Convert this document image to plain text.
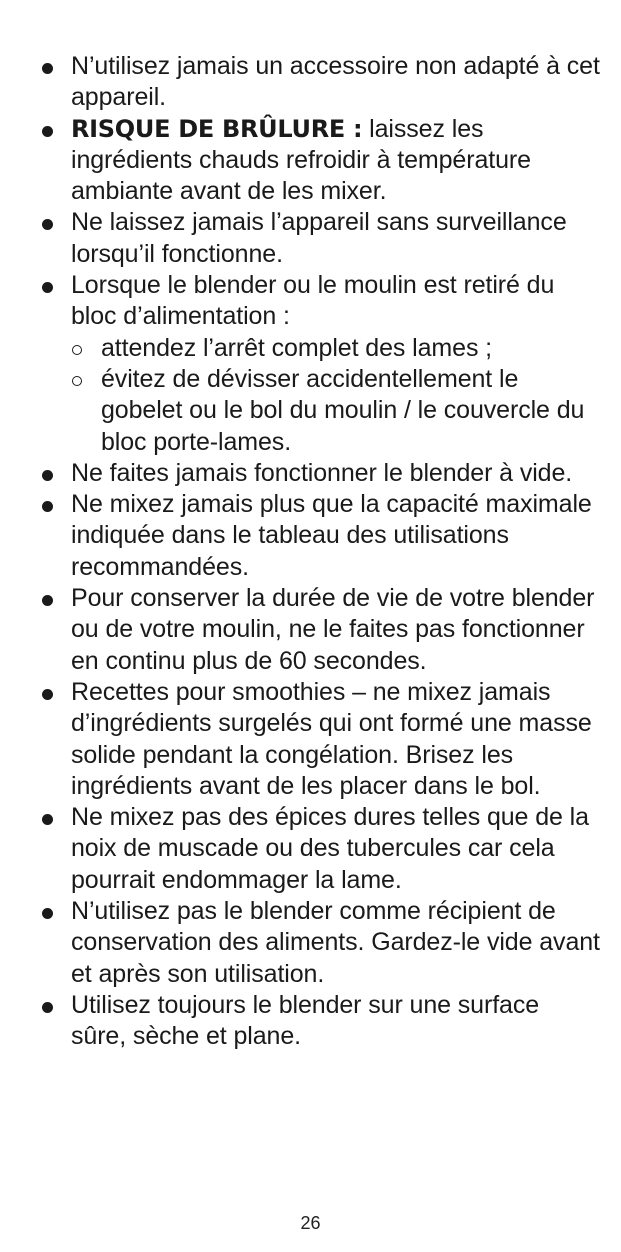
N’utilisez jamais un accessoire non adapté à cet appareil.
RISQUE DE BRÛLURE : laissez les ingrédients chauds refroidir à température ambiante avant de les mixer.
Ne laissez jamais l’appareil sans surveillance lorsqu’il fonctionne.
Lorsque le blender ou le moulin est retiré du bloc d’alimentation :
attendez l’arrêt complet des lames ;
évitez de dévisser accidentellement le gobelet ou le bol du moulin / le couvercle du bloc porte-lames.
Ne faites jamais fonctionner le blender à vide.
Ne mixez jamais plus que la capacité maximale indiquée dans le tableau des utilisations recommandées.
Pour conserver la durée de vie de votre blender ou de votre moulin, ne le faites pas fonctionner en continu plus de 60 secondes.
Recettes pour smoothies – ne mixez jamais d’ingrédients surgelés qui ont formé une masse solide pendant la congélation. Brisez les ingrédients avant de les placer dans le bol.
Ne mixez pas des épices dures telles que de la noix de muscade ou des tubercules car cela pourrait endommager la lame.
N’utilisez pas le blender comme récipient de conservation des aliments. Gardez-le vide avant et après son utilisation.
Utilisez toujours le blender sur une surface sûre, sèche et plane.
26
